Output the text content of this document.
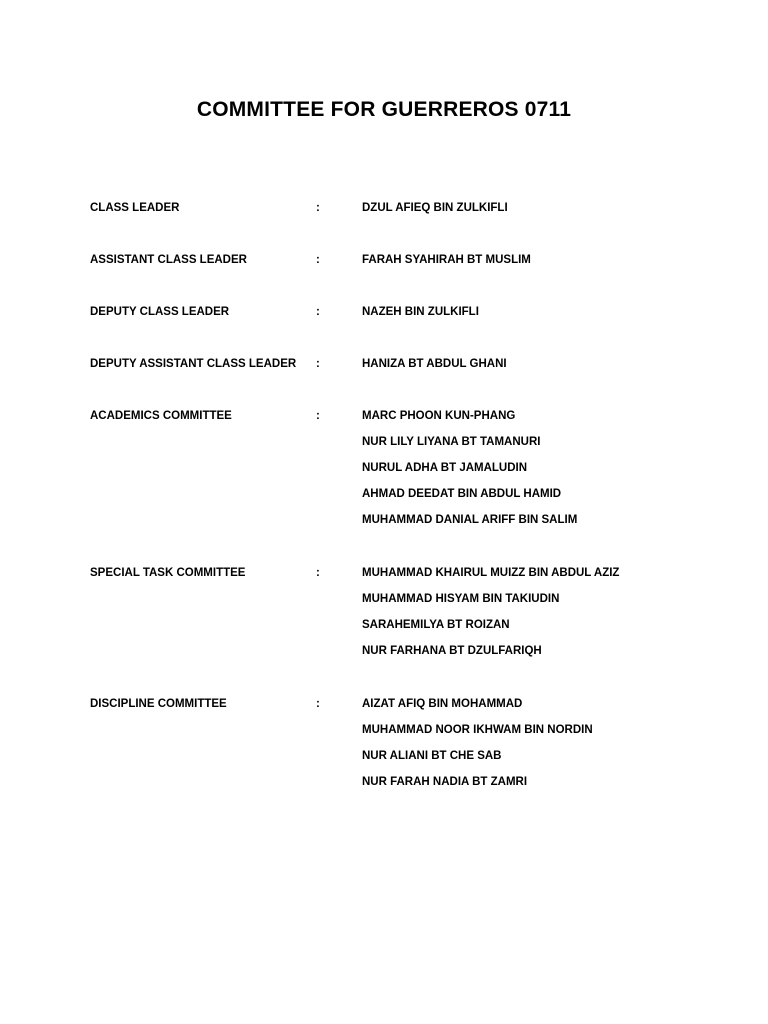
COMMITTEE FOR GUERREROS 0711
CLASS LEADER	:	DZUL AFIEQ BIN ZULKIFLI
ASSISTANT CLASS LEADER	:	FARAH SYAHIRAH BT MUSLIM
DEPUTY CLASS LEADER	:	NAZEH BIN ZULKIFLI
DEPUTY ASSISTANT CLASS LEADER	:	HANIZA BT ABDUL GHANI
ACADEMICS COMMITTEE	:	MARC PHOON KUN-PHANG
NUR LILY LIYANA BT TAMANURI
NURUL ADHA BT JAMALUDIN
AHMAD DEEDAT BIN ABDUL HAMID
MUHAMMAD DANIAL ARIFF BIN SALIM
SPECIAL TASK COMMITTEE	:	MUHAMMAD KHAIRUL MUIZZ BIN ABDUL AZIZ
MUHAMMAD HISYAM BIN TAKIUDIN
SARAHEMILYA BT ROIZAN
NUR FARHANA BT DZULFARIQH
DISCIPLINE COMMITTEE	:	AIZAT AFIQ BIN MOHAMMAD
MUHAMMAD NOOR IKHWAM BIN NORDIN
NUR ALIANI BT CHE SAB
NUR FARAH NADIA BT ZAMRI
